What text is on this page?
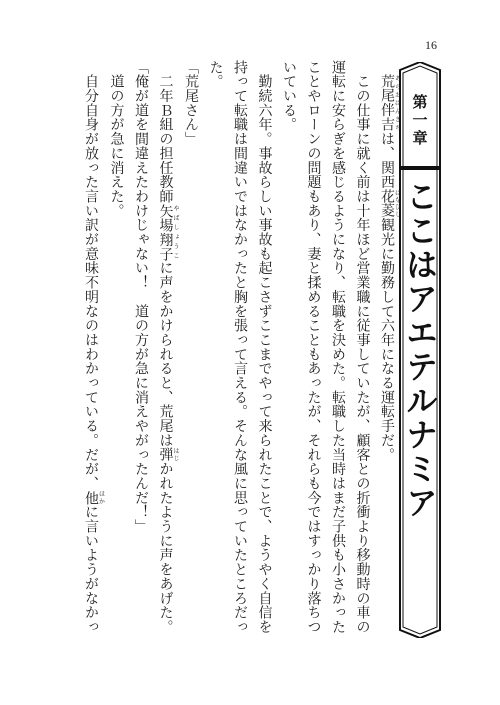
16
第一章
ここはアエテルナミア
　荒尾伴吉あらおばんきちは、関西花菱はなびし観光に勤務して六年になる運転手だ。
　この仕事に就く前は十年ほど営業職に従事していたが、顧客との折衝より移動時の車の
運転に安らぎを感じるようになり、転職を決めた。転職した当時はまだ子供も小さかった
ことやローンの問題もあり、妻と揉めることもあったが、それらも今ではすっかり落ちつ
いている。
　勤続六年。事故らしい事故も起こさずここまでやって来られたことで、ようやく自信を
持って転職は間違いではなかったと胸を張って言える。そんな風に思っていたところだっ
た。
「荒尾さん」
　二年Ｂ組の担任教師矢場翔子やばしょうこに声をかけられると、荒尾は弾はじかれたように声をあげた。
「俺が道を間違えたわけじゃない！　道の方が急に消えやがったんだ！」
　道の方が急に消えた。
　自分自身が放った言い訳が意味不明なのはわかっている。だが、他ほかに言いようがなかっ
